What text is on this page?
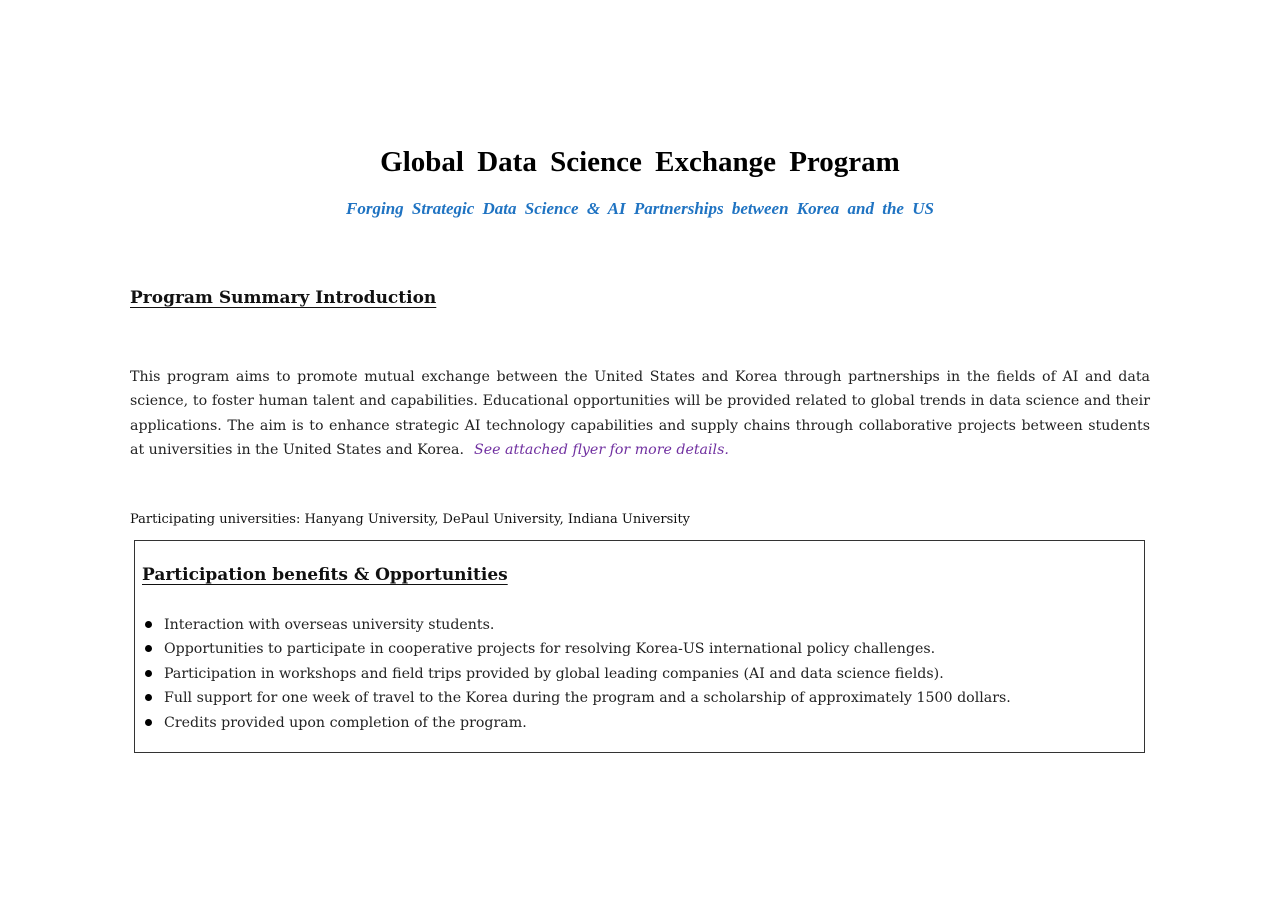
Global Data Science Exchange Program
Forging Strategic Data Science & AI Partnerships between Korea and the US
Program Summary Introduction

This program aims to promote mutual exchange between the United States and Korea through partnerships in the fields of AI and data science, to foster human talent and capabilities. Educational opportunities will be provided related to global trends in data science and their applications. The aim is to enhance strategic AI technology capabilities and supply chains through collaborative projects between students at universities in the United States and Korea. See attached flyer for more details.

Participating universities: Hanyang University, DePaul University, Indiana University

Participation benefits & Opportunities
Interaction with overseas university students.
Opportunities to participate in cooperative projects for resolving Korea-US international policy challenges.
Participation in workshops and field trips provided by global leading companies (AI and data science fields).
Full support for one week of travel to the Korea during the program and a scholarship of approximately 1500 dollars.
Credits provided upon completion of the program.
